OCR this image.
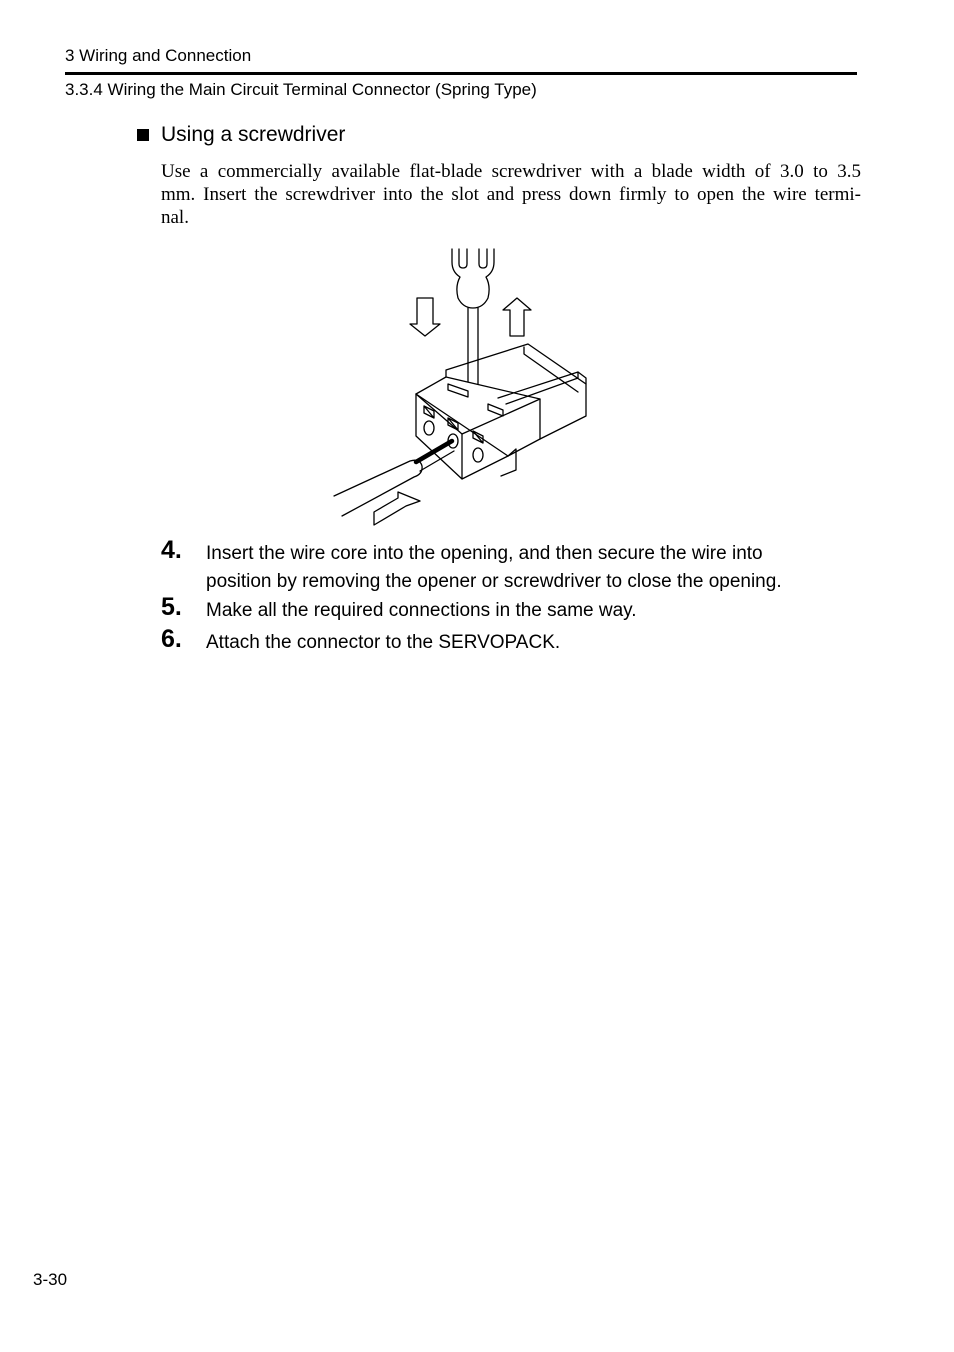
3 Wiring and Connection
3.3.4 Wiring the Main Circuit Terminal Connector (Spring Type)
Using a screwdriver
Use a commercially available flat-blade screwdriver with a blade width of 3.0 to 3.5
mm. Insert the screwdriver into the slot and press down firmly to open the wire termi-
nal.
4.	Insert the wire core into the opening, and then secure the wire into
position by removing the opener or screwdriver to close the opening.
5.	Make all the required connections in the same way.
6.	Attach the connector to the SERVOPACK.
3-30
